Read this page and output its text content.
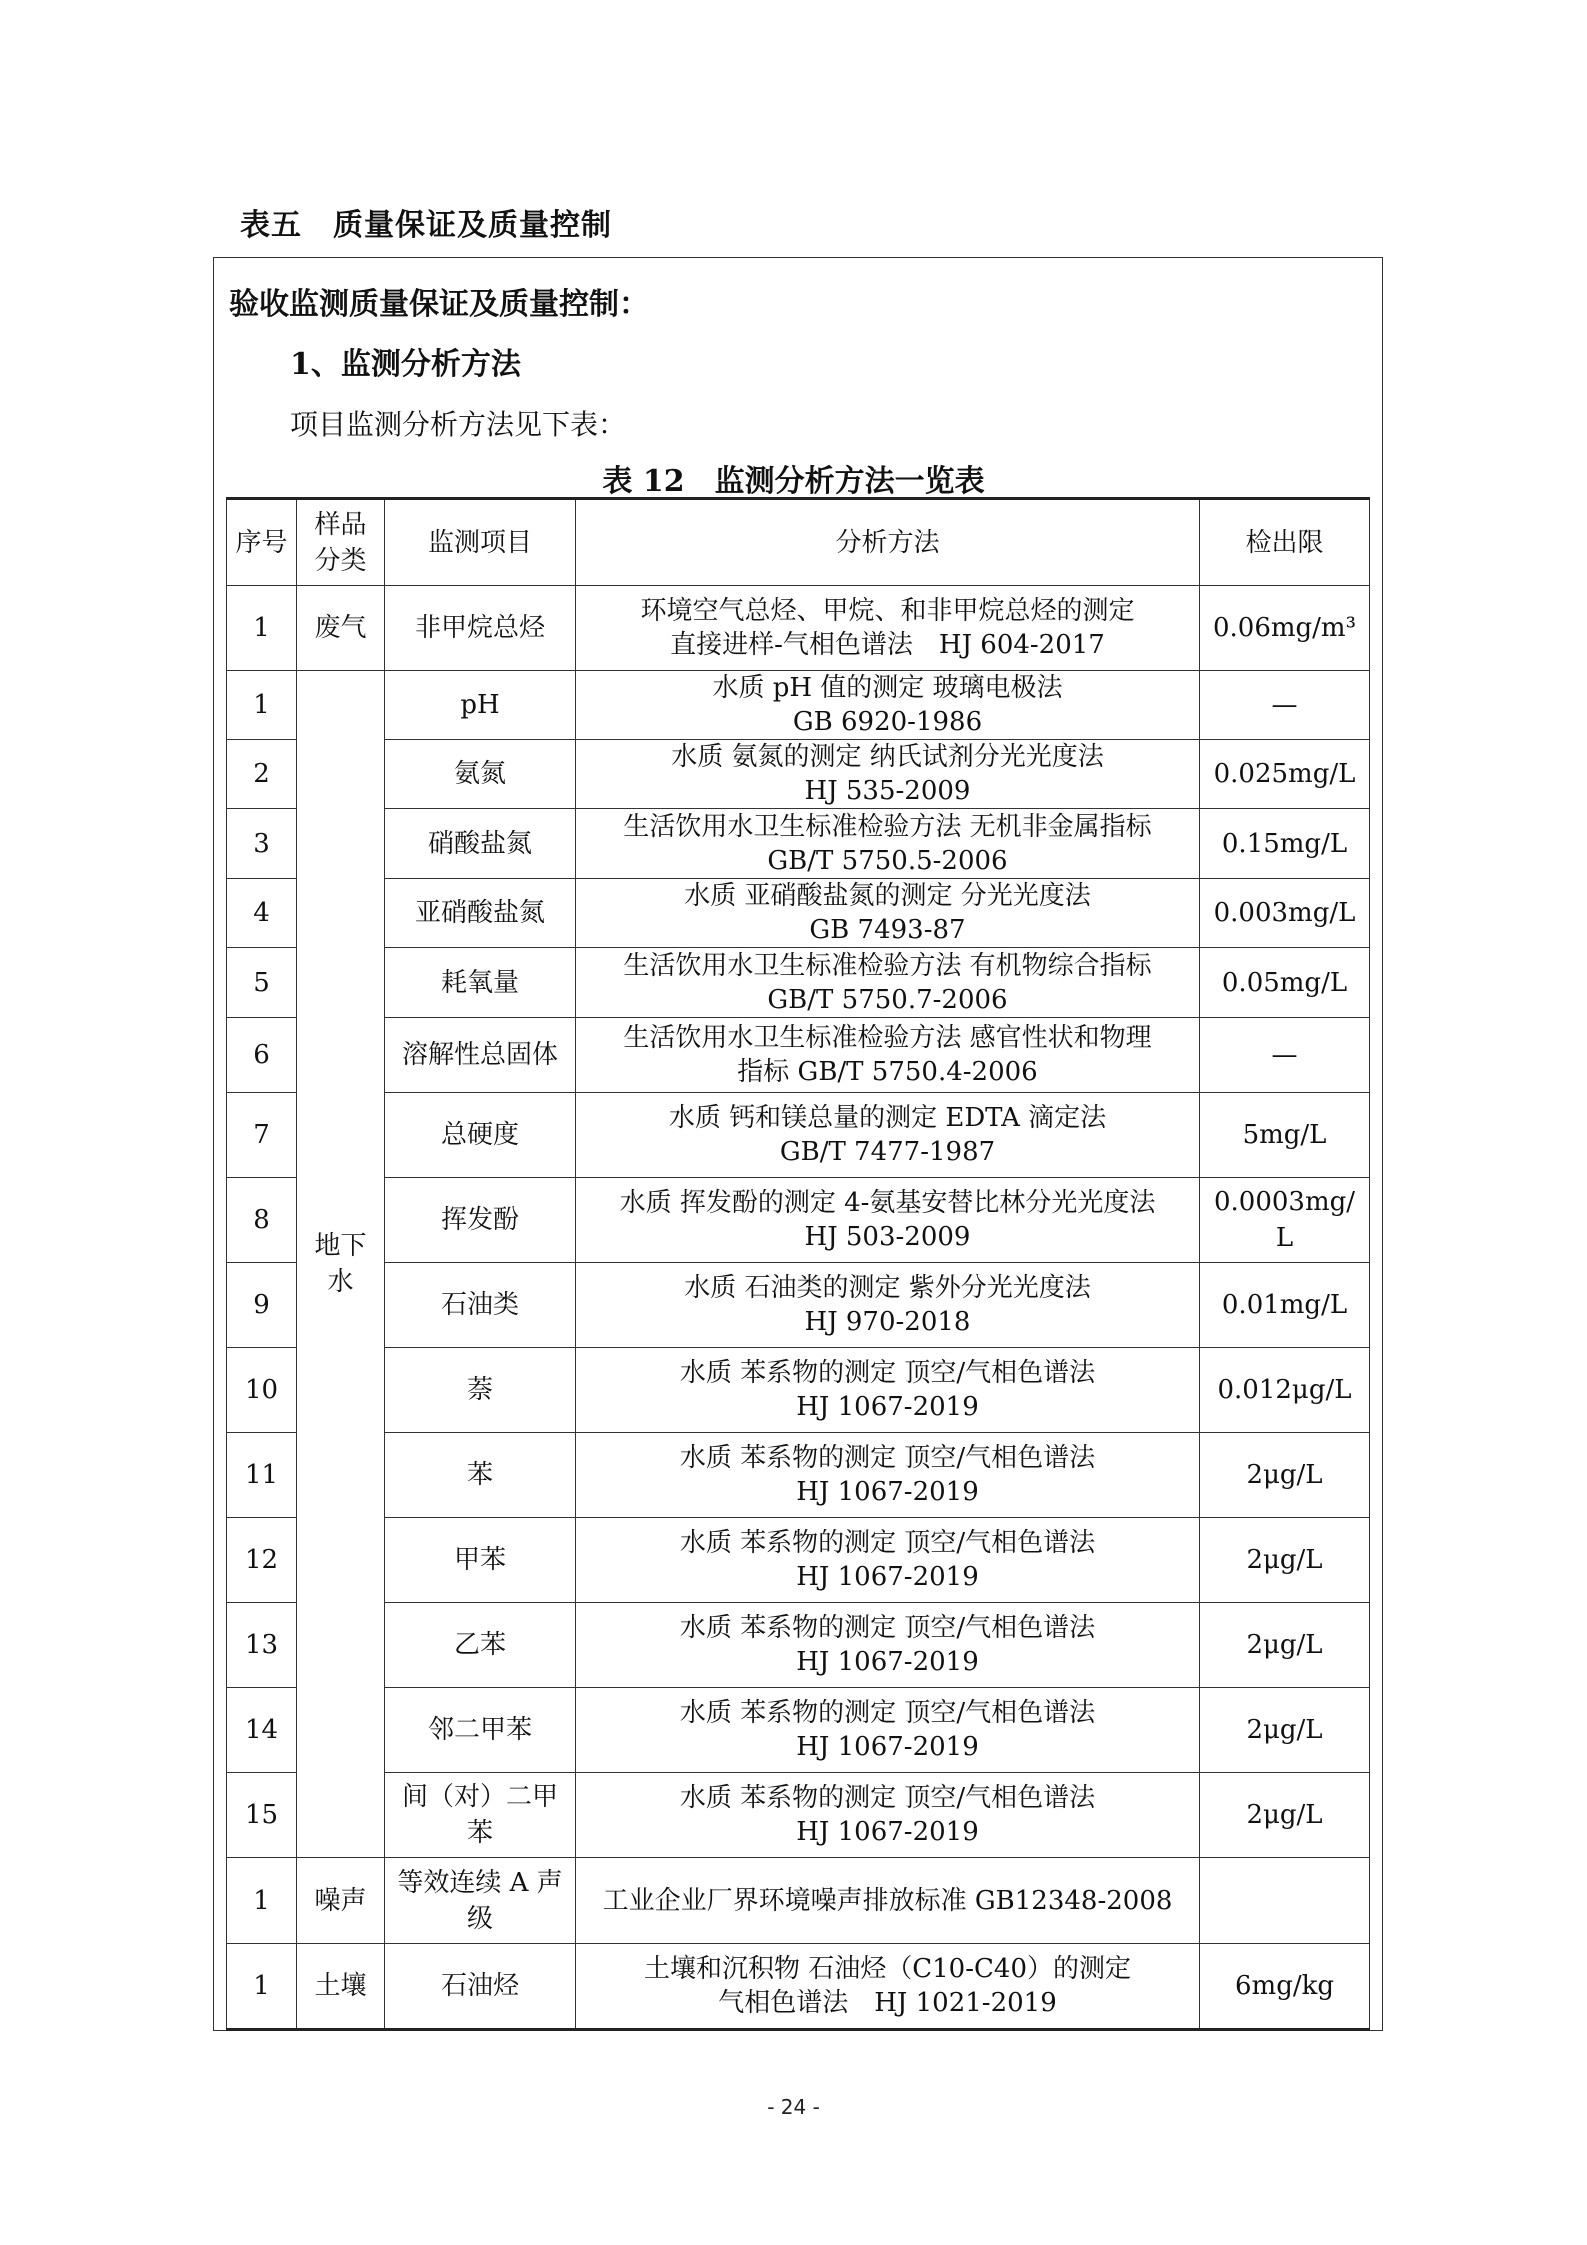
表五　质量保证及质量控制
验收监测质量保证及质量控制：
1、监测分析方法
项目监测分析方法见下表：
表 12　监测分析方法一览表
序号	样品分类	监测项目	分析方法	检出限
1	废气	非甲烷总烃	环境空气总烃、甲烷、和非甲烷总烃的测定
直接进样-气相色谱法　HJ 604-2017	0.06mg/m³
1	地下水	pH	水质 pH 值的测定 玻璃电极法
GB 6920-1986	—
2		氨氮	水质 氨氮的测定 纳氏试剂分光光度法
HJ 535-2009	0.025mg/L
3		硝酸盐氮	生活饮用水卫生标准检验方法 无机非金属指标
GB/T 5750.5-2006	0.15mg/L
4		亚硝酸盐氮	水质 亚硝酸盐氮的测定 分光光度法
GB 7493-87	0.003mg/L
5		耗氧量	生活饮用水卫生标准检验方法 有机物综合指标
GB/T 5750.7-2006	0.05mg/L
6		溶解性总固体	生活饮用水卫生标准检验方法 感官性状和物理
指标 GB/T 5750.4-2006	—
7		总硬度	水质 钙和镁总量的测定 EDTA 滴定法
GB/T 7477-1987	5mg/L
8		挥发酚	水质 挥发酚的测定 4-氨基安替比林分光光度法
HJ 503-2009	0.0003mg/L
9		石油类	水质 石油类的测定 紫外分光光度法
HJ 970-2018	0.01mg/L
10		萘	水质 苯系物的测定 顶空/气相色谱法
HJ 1067-2019	0.012μg/L
11		苯	水质 苯系物的测定 顶空/气相色谱法
HJ 1067-2019	2μg/L
12		甲苯	水质 苯系物的测定 顶空/气相色谱法
HJ 1067-2019	2μg/L
13		乙苯	水质 苯系物的测定 顶空/气相色谱法
HJ 1067-2019	2μg/L
14		邻二甲苯	水质 苯系物的测定 顶空/气相色谱法
HJ 1067-2019	2μg/L
15		间（对）二甲苯	水质 苯系物的测定 顶空/气相色谱法
HJ 1067-2019	2μg/L
1	噪声	等效连续 A 声级	工业企业厂界环境噪声排放标准 GB12348-2008	

1	土壤	石油烃	土壤和沉积物 石油烃（C10-C40）的测定
气相色谱法　HJ 1021-2019	6mg/kg
- 24 -
